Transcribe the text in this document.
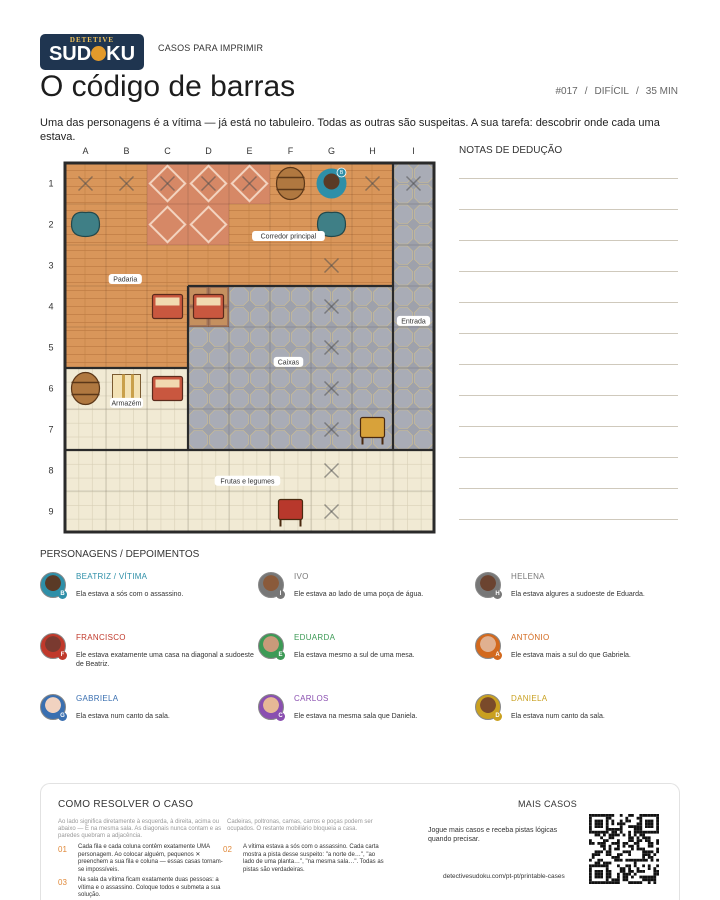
DETETIVE
SUD KU	CASOS PARA IMPRIMIR
O código de barras	#017 / DIFÍCIL / 35 MIN
Uma das personagens é a vítima — já está no tabuleiro. Todas as outras são suspeitas. A sua tarefa: descobrir onde cada uma estava.
B
Corredor principal
Padaria
Entrada
Caixas
Armazém
Frutas e legumes
A	B	C	D	E	F	G	H	I
1
2
3
4
5
6
7
8
9
NOTAS DE DEDUÇÃO
PERSONAGENS / DEPOIMENTOS
B
BEATRIZ / VÍTIMA
Ela estava a sós com o assassino.	I
IVO
Ele estava ao lado de uma poça de água.	H
HELENA
Ela estava algures a sudoeste de Eduarda.
F
FRANCISCO
Ele estava exatamente uma casa na diagonal a sudoeste de Beatriz.
E
EDUARDA
Ela estava mesmo a sul de uma mesa.	A
ANTÓNIO
Ele estava mais a sul do que Gabriela.
G
GABRIELA
Ela estava num canto da sala.	C
CARLOS
Ele estava na mesma sala que Daniela.	D
DANIELA
Ela estava num canto da sala.
COMO RESOLVER O CASO
Ao lado significa diretamente à esquerda, à direita, acima ou abaixo — E na mesma sala. As diagonais nunca contam e as paredes quebram a adjacência.
Cadeiras, poltronas, camas, carros e poças podem ser ocupados. O restante mobiliário bloqueia a casa.
01 Cada fila e cada coluna contêm exatamente UMA personagem. Ao colocar alguém, pequenos ✕ preenchem a sua fila e coluna — essas casas tornam-se impossíveis.
02 A vítima estava a sós com o assassino. Cada carta mostra a pista desse suspeito: "a norte de…", "ao lado de uma planta…", "na mesma sala…". Todas as pistas são verdadeiras.
03 Na sala da vítima ficam exatamente duas pessoas: a vítima e o assassino. Coloque todos e submeta a sua solução.
MAIS CASOS
Jogue mais casos e receba pistas lógicas quando precisar.
detectivesudoku.com/pt-pt/printable-cases
